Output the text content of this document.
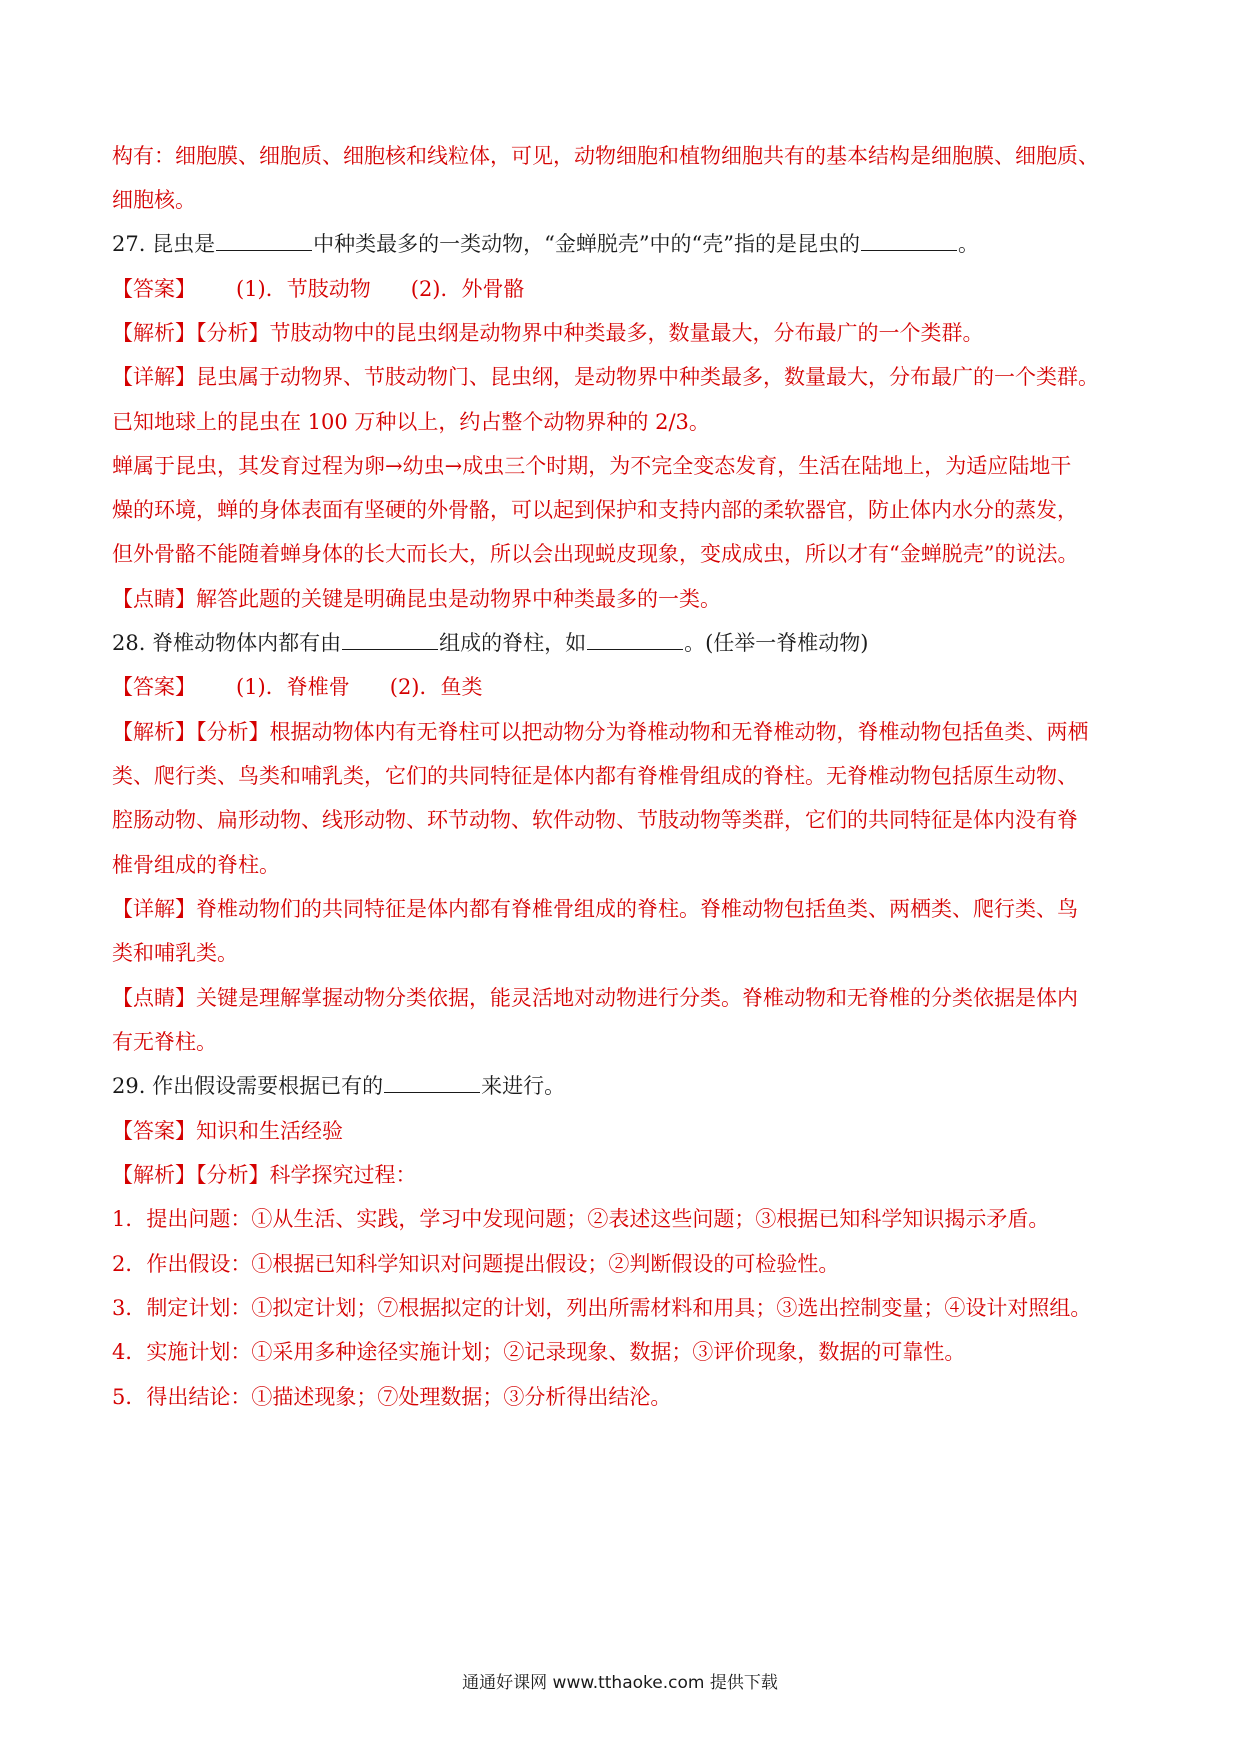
构有：细胞膜、细胞质、细胞核和线粒体，可见，动物细胞和植物细胞共有的基本结构是细胞膜、细胞质、
细胞核。
27. 昆虫是	中种类最多的一类动物，“金蝉脱壳”中的“壳”指的是昆虫的	。
【答案】 (1)．节肢动物 (2)．外骨骼
【解析】【分析】节肢动物中的昆虫纲是动物界中种类最多，数量最大，分布最广的一个类群。
【详解】昆虫属于动物界、节肢动物门、昆虫纲，是动物界中种类最多，数量最大，分布最广的一个类群。
已知地球上的昆虫在 100 万种以上，约占整个动物界种的 2/3。
蝉属于昆虫，其发育过程为卵→幼虫→成虫三个时期，为不完全变态发育，生活在陆地上，为适应陆地干
燥的环境，蝉的身体表面有坚硬的外骨骼，可以起到保护和支持内部的柔软器官，防止体内水分的蒸发，
但外骨骼不能随着蝉身体的长大而长大，所以会出现蜕皮现象，变成成虫，所以才有“金蝉脱壳”的说法。
【点睛】解答此题的关键是明确昆虫是动物界中种类最多的一类。
28. 脊椎动物体内都有由	组成的脊柱，如	。(任举一脊椎动物)
【答案】 (1)．脊椎骨 (2)．鱼类
【解析】【分析】根据动物体内有无脊柱可以把动物分为脊椎动物和无脊椎动物，脊椎动物包括鱼类、两栖
类、爬行类、鸟类和哺乳类，它们的共同特征是体内都有脊椎骨组成的脊柱。无脊椎动物包括原生动物、
腔肠动物、扁形动物、线形动物、环节动物、软件动物、节肢动物等类群，它们的共同特征是体内没有脊
椎骨组成的脊柱。
【详解】脊椎动物们的共同特征是体内都有脊椎骨组成的脊柱。脊椎动物包括鱼类、两栖类、爬行类、鸟
类和哺乳类。
【点睛】关键是理解掌握动物分类依据，能灵活地对动物进行分类。脊椎动物和无脊椎的分类依据是体内
有无脊柱。
29. 作出假设需要根据已有的	来进行。
【答案】知识和生活经验
【解析】【分析】科学探究过程：
1．提出问题：①从生活、实践，学习中发现问题；②表述这些问题；③根据已知科学知识揭示矛盾。
2．作出假设：①根据已知科学知识对问题提出假设；②判断假设的可检验性。
3．制定计划：①拟定计划；⑦根据拟定的计划，列出所需材料和用具；③选出控制变量；④设计对照组。
4．实施计划：①采用多种途径实施计划；②记录现象、数据；③评价现象，数据的可靠性。
5．得出结论：①描述现象；⑦处理数据；③分析得出结沦。
通通好课网 www.tthaoke.com 提供下载
